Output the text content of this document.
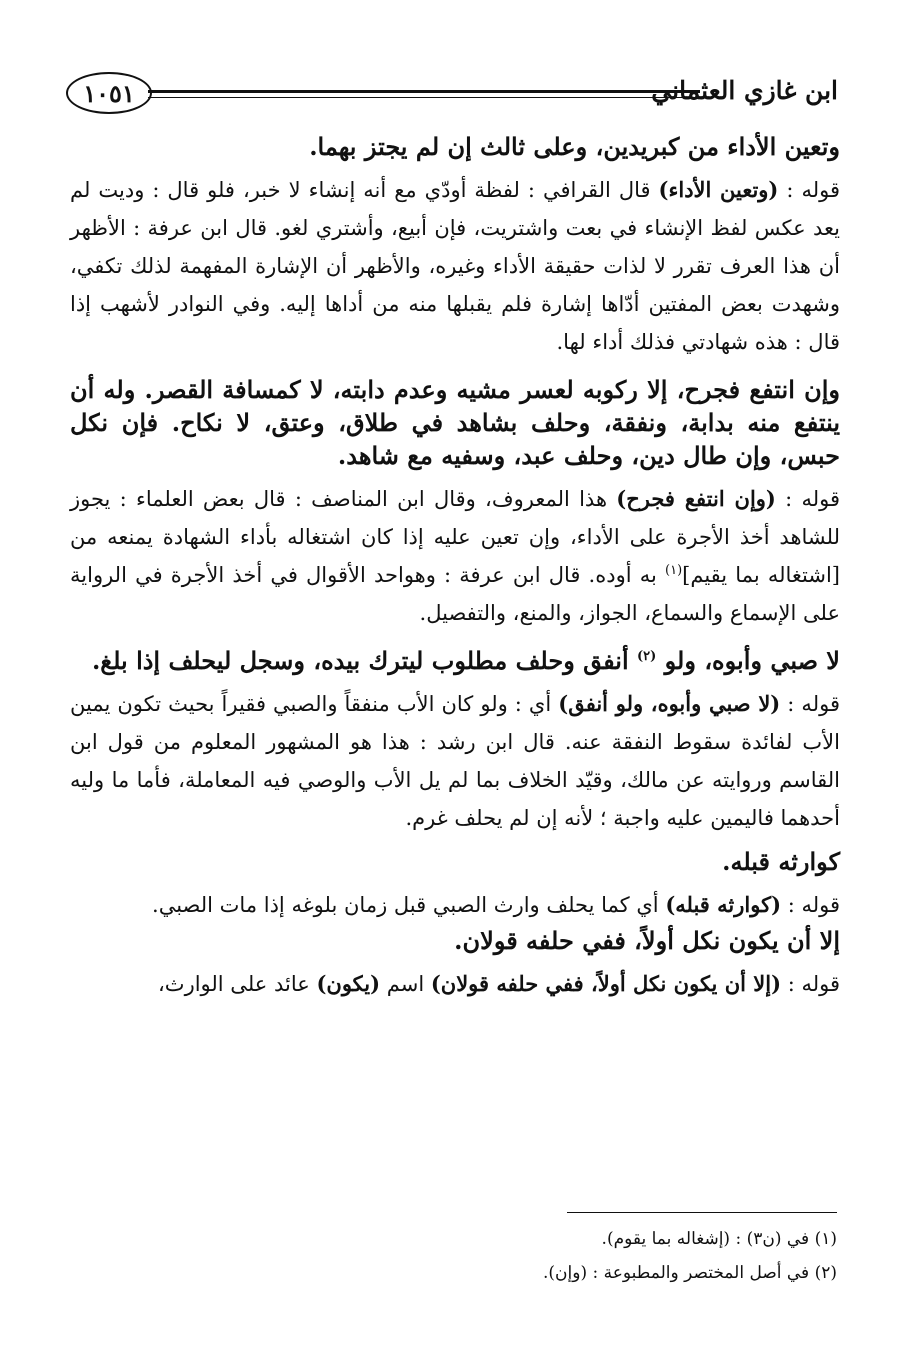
ابن غازي العثماني
١٠٥١

وتعين الأداء من كبريدين، وعلى ثالث إن لم يجتز بهما.

قوله : (وتعين الأداء) قال القرافي : لفظة أودّي مع أنه إنشاء لا خبر، فلو قال : وديت لم يعد عكس لفظ الإنشاء في بعت واشتريت، فإن أبيع، وأشتري لغو. قال ابن عرفة : الأظهر أن هذا العرف تقرر لا لذات حقيقة الأداء وغيره، والأظهر أن الإشارة المفهمة لذلك تكفي، وشهدت بعض المفتين أدّاها إشارة فلم يقبلها منه من أداها إليه. وفي النوادر لأشهب إذا قال : هذه شهادتي فذلك أداء لها.

وإن انتفع فجرح، إلا ركوبه لعسر مشيه وعدم دابته، لا كمسافة القصر. وله أن ينتفع منه بدابة، ونفقة، وحلف بشاهد في طلاق، وعتق، لا نكاح. فإن نكل حبس، وإن طال دين، وحلف عبد، وسفيه مع شاهد.

قوله : (وإن انتفع فجرح) هذا المعروف، وقال ابن المناصف : قال بعض العلماء : يجوز للشاهد أخذ الأجرة على الأداء، وإن تعين عليه إذا كان اشتغاله بأداء الشهادة يمنعه من [اشتغاله بما يقيم]$^{(١)}$ به أوده. قال ابن عرفة : وهواحد الأقوال في أخذ الأجرة في الرواية على الإسماع والسماع، الجواز، والمنع، والتفصيل.

لا صبي وأبوه، ولو $^{(٢)}$ أنفق وحلف مطلوب ليترك بيده، وسجل ليحلف إذا بلغ.

قوله : (لا صبي وأبوه، ولو أنفق) أي : ولو كان الأب منفقاً والصبي فقيراً بحيث تكون يمين الأب لفائدة سقوط النفقة عنه. قال ابن رشد : هذا هو المشهور المعلوم من قول ابن القاسم وروايته عن مالك، وقيّد الخلاف بما لم يل الأب والوصي فيه المعاملة، فأما ما وليه أحدهما فاليمين عليه واجبة ؛ لأنه إن لم يحلف غرم.

كوارثه قبله.

قوله : (كوارثه قبله) أي كما يحلف وارث الصبي قبل زمان بلوغه إذا مات الصبي.

إلا أن يكون نكل أولاً، ففي حلفه قولان.

قوله : (إلا أن يكون نكل أولاً، ففي حلفه قولان) اسم (يكون) عائد على الوارث،

(١) في (ن٣) : (إشغاله بما يقوم).

(٢) في أصل المختصر والمطبوعة : (وإن).
